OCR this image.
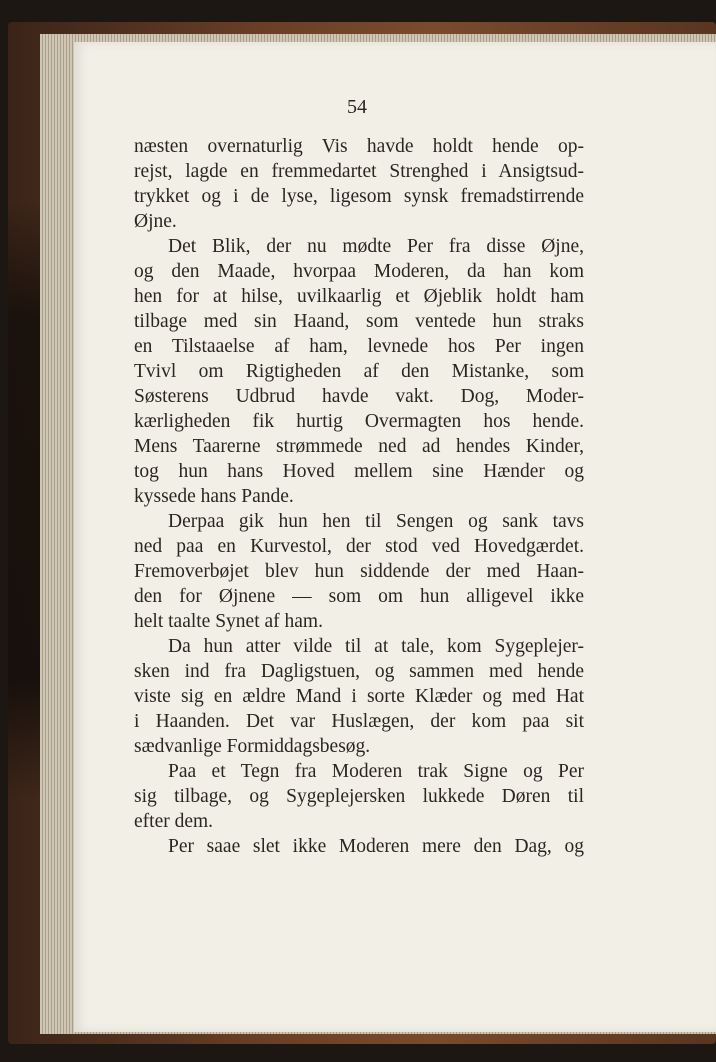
54
næsten overnaturlig Vis havde holdt hende op-
rejst, lagde en fremmedartet Strenghed i Ansigtsud-
trykket og i de lyse, ligesom synsk fremadstirrende
Øjne.
Det Blik, der nu mødte Per fra disse Øjne,
og den Maade, hvorpaa Moderen, da han kom
hen for at hilse, uvilkaarlig et Øjeblik holdt ham
tilbage med sin Haand, som ventede hun straks
en Tilstaaelse af ham, levnede hos Per ingen
Tvivl om Rigtigheden af den Mistanke, som
Søsterens Udbrud havde vakt. Dog, Moder-
kærligheden fik hurtig Overmagten hos hende.
Mens Taarerne strømmede ned ad hendes Kinder,
tog hun hans Hoved mellem sine Hænder og
kyssede hans Pande.
Derpaa gik hun hen til Sengen og sank tavs
ned paa en Kurvestol, der stod ved Hovedgærdet.
Fremoverbøjet blev hun siddende der med Haan-
den for Øjnene — som om hun alligevel ikke
helt taalte Synet af ham.
Da hun atter vilde til at tale, kom Sygeplejer-
sken ind fra Dagligstuen, og sammen med hende
viste sig en ældre Mand i sorte Klæder og med Hat
i Haanden. Det var Huslægen, der kom paa sit
sædvanlige Formiddagsbesøg.
Paa et Tegn fra Moderen trak Signe og Per
sig tilbage, og Sygeplejersken lukkede Døren til
efter dem.
Per saae slet ikke Moderen mere den Dag, og
